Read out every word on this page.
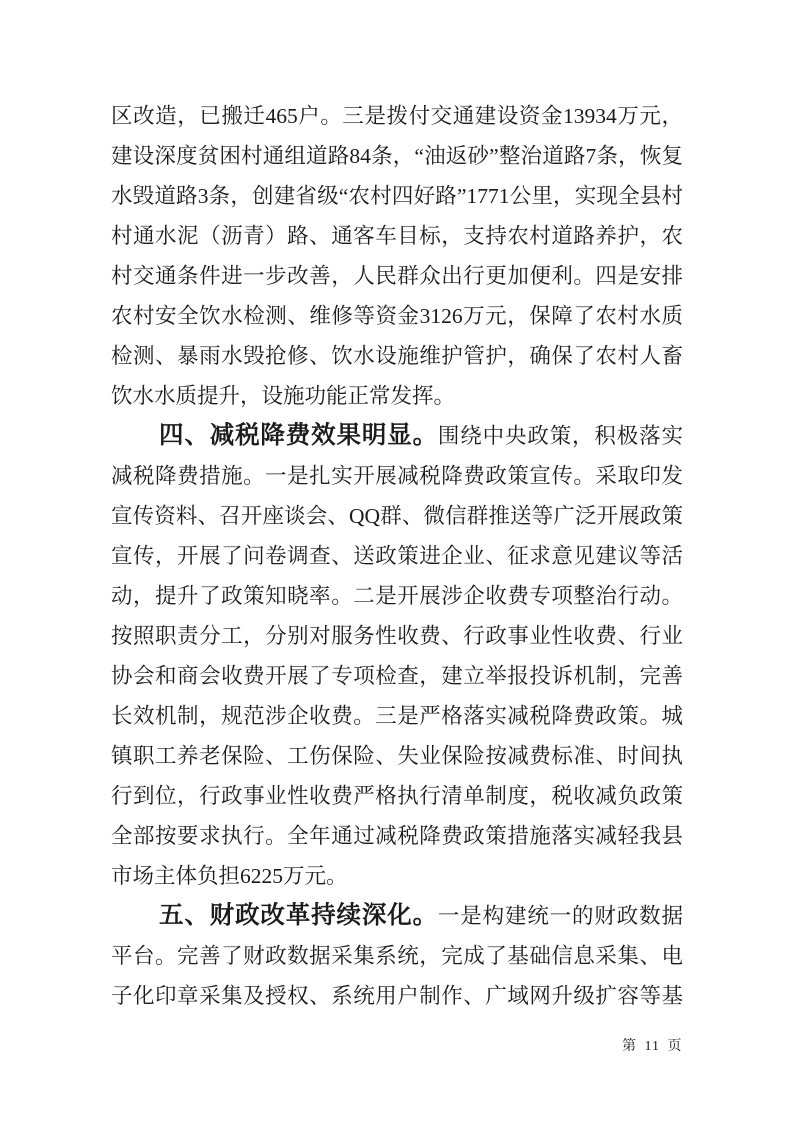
区改造，已搬迁465户。三是拨付交通建设资金13934万元，
建设深度贫困村通组道路84条，“油返砂”整治道路7条，恢复
水毁道路3条，创建省级“农村四好路”1771公里，实现全县村
村通水泥（沥青）路、通客车目标，支持农村道路养护，农
村交通条件进一步改善，人民群众出行更加便利。四是安排
农村安全饮水检测、维修等资金3126万元，保障了农村水质
检测、暴雨水毁抢修、饮水设施维护管护，确保了农村人畜
饮水水质提升，设施功能正常发挥。
四、减税降费效果明显。围绕中央政策，积极落实
减税降费措施。一是扎实开展减税降费政策宣传。采取印发
宣传资料、召开座谈会、QQ群、微信群推送等广泛开展政策
宣传，开展了问卷调查、送政策进企业、征求意见建议等活
动，提升了政策知晓率。二是开展涉企收费专项整治行动。
按照职责分工，分别对服务性收费、行政事业性收费、行业
协会和商会收费开展了专项检查，建立举报投诉机制，完善
长效机制，规范涉企收费。三是严格落实减税降费政策。城
镇职工养老保险、工伤保险、失业保险按减费标准、时间执
行到位，行政事业性收费严格执行清单制度，税收减负政策
全部按要求执行。全年通过减税降费政策措施落实减轻我县
市场主体负担6225万元。
五、财政改革持续深化。一是构建统一的财政数据
平台。完善了财政数据采集系统，完成了基础信息采集、电
子化印章采集及授权、系统用户制作、广域网升级扩容等基
第 11 页
